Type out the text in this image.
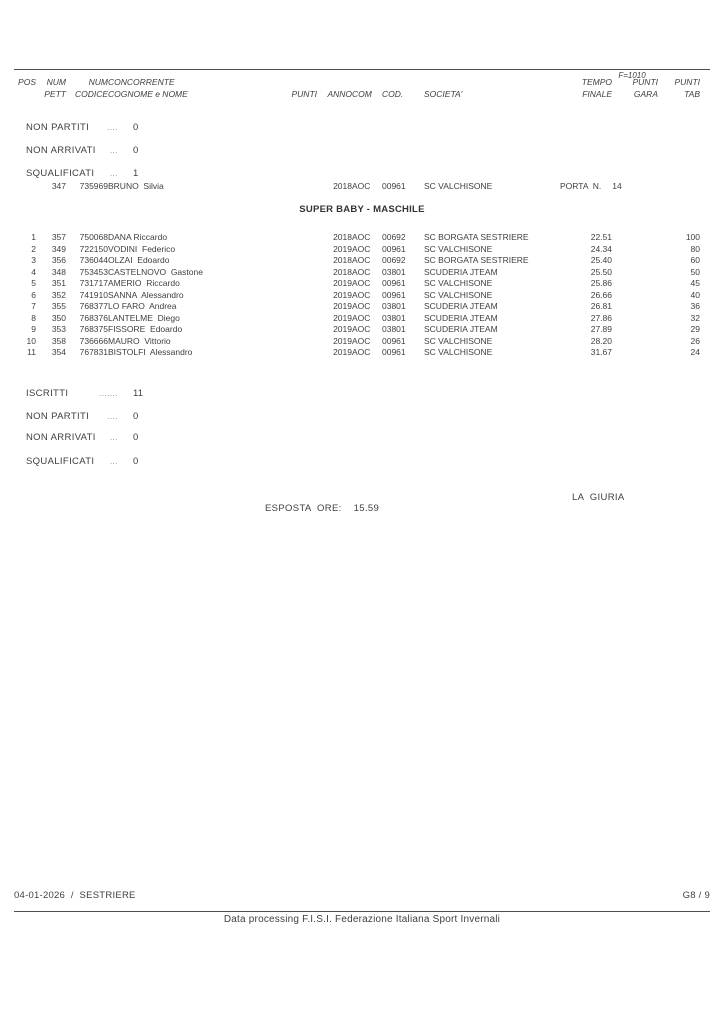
F=1010
POS	NUM	NUM	CONCORRENTE						TEMPO	PUNTI	PUNTI
	PETT	CODICE	COGNOME e NOME	PUNTI	ANNO	COM	COD.	SOCIETA'	FINALE	GARA	TAB

NON PARTITI .... 0

NON ARRIVATI ... 0

SQUALIFICATI ... 1

	347	735969	BRUNO  Silvia		2018	AOC	00961	SC VALCHISONE	PORTA  N. 14
SUPER BABY - MASCHILE
1	357	750068	DANA Riccardo		2018	AOC	00692	SC BORGATA SESTRIERE	22.51		100
2	349	722150	VODINI  Federico		2019	AOC	00961	SC VALCHISONE	24.34		80
3	356	736044	OLZAI  Edoardo		2018	AOC	00692	SC BORGATA SESTRIERE	25.40		60
4	348	753453	CASTELNOVO  Gastone		2018	AOC	03801	SCUDERIA JTEAM	25.50		50
5	351	731717	AMERIO  Riccardo		2019	AOC	00961	SC VALCHISONE	25.86		45
6	352	741910	SANNA  Alessandro		2019	AOC	00961	SC VALCHISONE	26.66		40
7	355	768377	LO FARO  Andrea		2019	AOC	03801	SCUDERIA JTEAM	26.81		36
8	350	768376	LANTELME  Diego		2019	AOC	03801	SCUDERIA JTEAM	27.86		32
9	353	768375	FISSORE  Edoardo		2019	AOC	03801	SCUDERIA JTEAM	27.89		29
10	358	736666	MAURO  Vittorio		2019	AOC	00961	SC VALCHISONE	28.20		26
11	354	767831	BISTOLFI  Alessandro		2019	AOC	00961	SC VALCHISONE	31.67		24

ISCRITTI	....... 11

NON PARTITI .... 0

NON ARRIVATI ... 0

SQUALIFICATI ... 0

ESPOSTA  ORE: 15.59

LA  GIURIA
04-01-2026  /  SESTRIERE	G8 / 9
Data processing F.I.S.I. Federazione Italiana Sport Invernali
